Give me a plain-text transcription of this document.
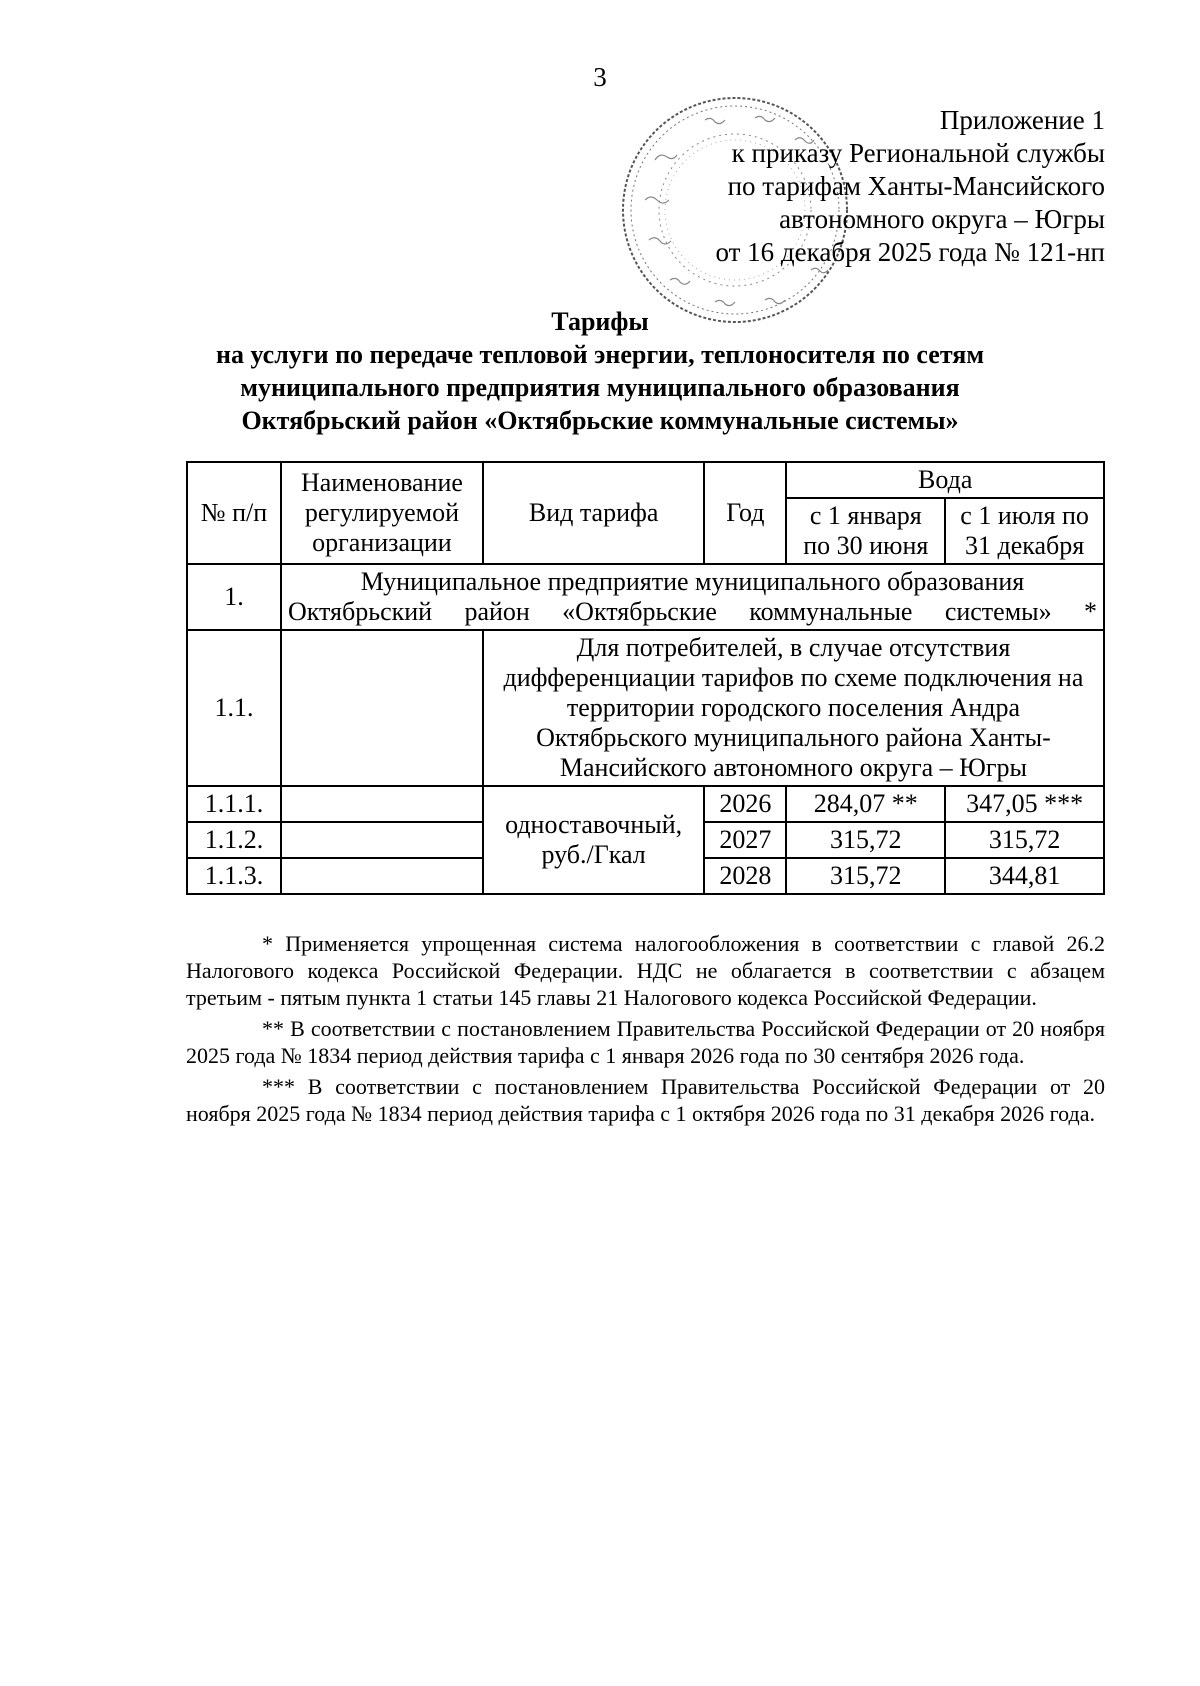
3
Приложение 1
к приказу Региональной службы
по тарифам Ханты-Мансийского
автономного округа – Югры
от 16 декабря 2025 года № 121-нп
Тарифы
на услуги по передаче тепловой энергии, теплоносителя по сетям
муниципального предприятия муниципального образования
Октябрьский район «Октябрьские коммунальные системы»
№ п/п	Наименование регулируемой организации	Вид тарифа	Год	Вода	
				с 1 января по 30 июня	с 1 июля по 31 декабря
1.	Муниципальное предприятие муниципального образования Октябрьский район «Октябрьские коммунальные системы» *				
1.1.		Для потребителей, в случае отсутствия дифференциации тарифов по схеме подключения на территории городского поселения Андра Октябрьского муниципального района Ханты-Мансийского автономного округа – Югры			
1.1.1.		одноставочный, руб./Гкал	2026	284,07 **	347,05 ***
1.1.2.			2027	315,72	315,72
1.1.3.			2028	315,72	344,81

* Применяется упрощенная система налогообложения в соответствии с главой 26.2 Налогового кодекса Российской Федерации. НДС не облагается в соответствии с абзацем третьим - пятым пункта 1 статьи 145 главы 21 Налогового кодекса Российской Федерации.

** В соответствии с постановлением Правительства Российской Федерации от 20 ноября 2025 года № 1834 период действия тарифа с 1 января 2026 года по 30 сентября 2026 года.

*** В соответствии с постановлением Правительства Российской Федерации от 20 ноября 2025 года № 1834 период действия тарифа с 1 октября 2026 года по 31 декабря 2026 года.
